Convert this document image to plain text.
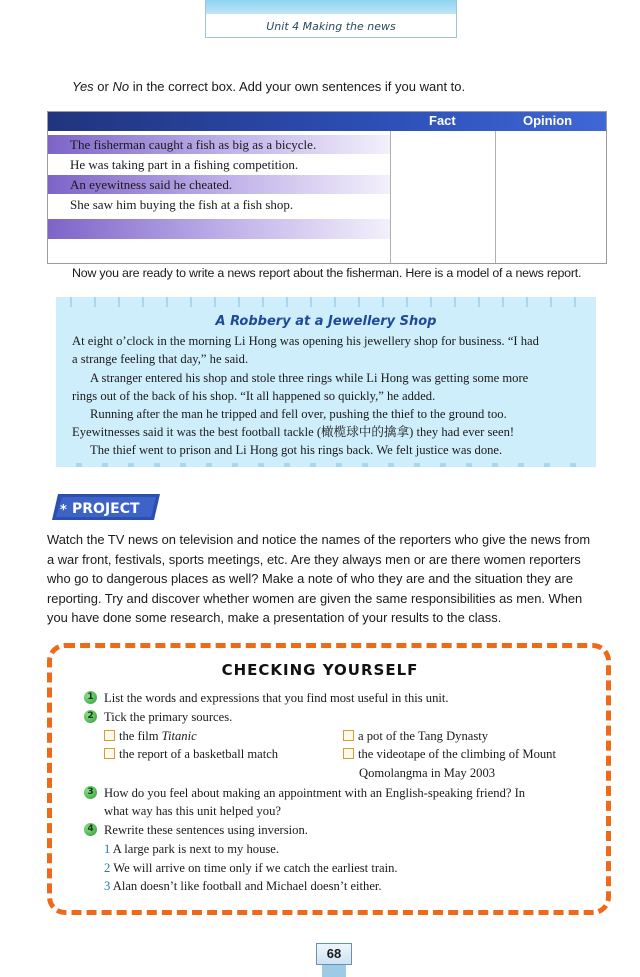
Unit 4 Making the news
Yes or No in the correct box. Add your own sentences if you want to.
Fact	Opinion
The fisherman caught a fish as big as a bicycle.
He was taking part in a fishing competition.
An eyewitness said he cheated.
She saw him buying the fish at a fish shop.
Now you are ready to write a news report about the fisherman. Here is a model of a news report.
A Robbery at a Jewellery Shop
At eight o’clock in the morning Li Hong was opening his jewellery shop for business. “I had
a strange feeling that day,” he said.
A stranger entered his shop and stole three rings while Li Hong was getting some more
rings out of the back of his shop. “It all happened so quickly,” he added.
Running after the man he tripped and fell over, pushing the thief to the ground too.
Eyewitnesses said it was the best football tackle (橄榄球中的擒拿) they had ever seen!
The thief went to prison and Li Hong got his rings back. We felt justice was done.
* PROJECT
Watch the TV news on television and notice the names of the reporters who give the news from
a war front, festivals, sports meetings, etc. Are they always men or are there women reporters
who go to dangerous places as well? Make a note of who they are and the situation they are
reporting. Try and discover whether women are given the same responsibilities as men. When
you have done some research, make a presentation of your results to the class.
CHECKING YOURSELF
1 List the words and expressions that you find most useful in this unit.
2 Tick the primary sources.
the film Titanic
the report of a basketball match
a pot of the Tang Dynasty
the videotape of the climbing of Mount
Qomolangma in May 2003
3 How do you feel about making an appointment with an English-speaking friend? In
what way has this unit helped you?
4 Rewrite these sentences using inversion.
1 A large park is next to my house.
2 We will arrive on time only if we catch the earliest train.
3 Alan doesn’t like football and Michael doesn’t either.
68
